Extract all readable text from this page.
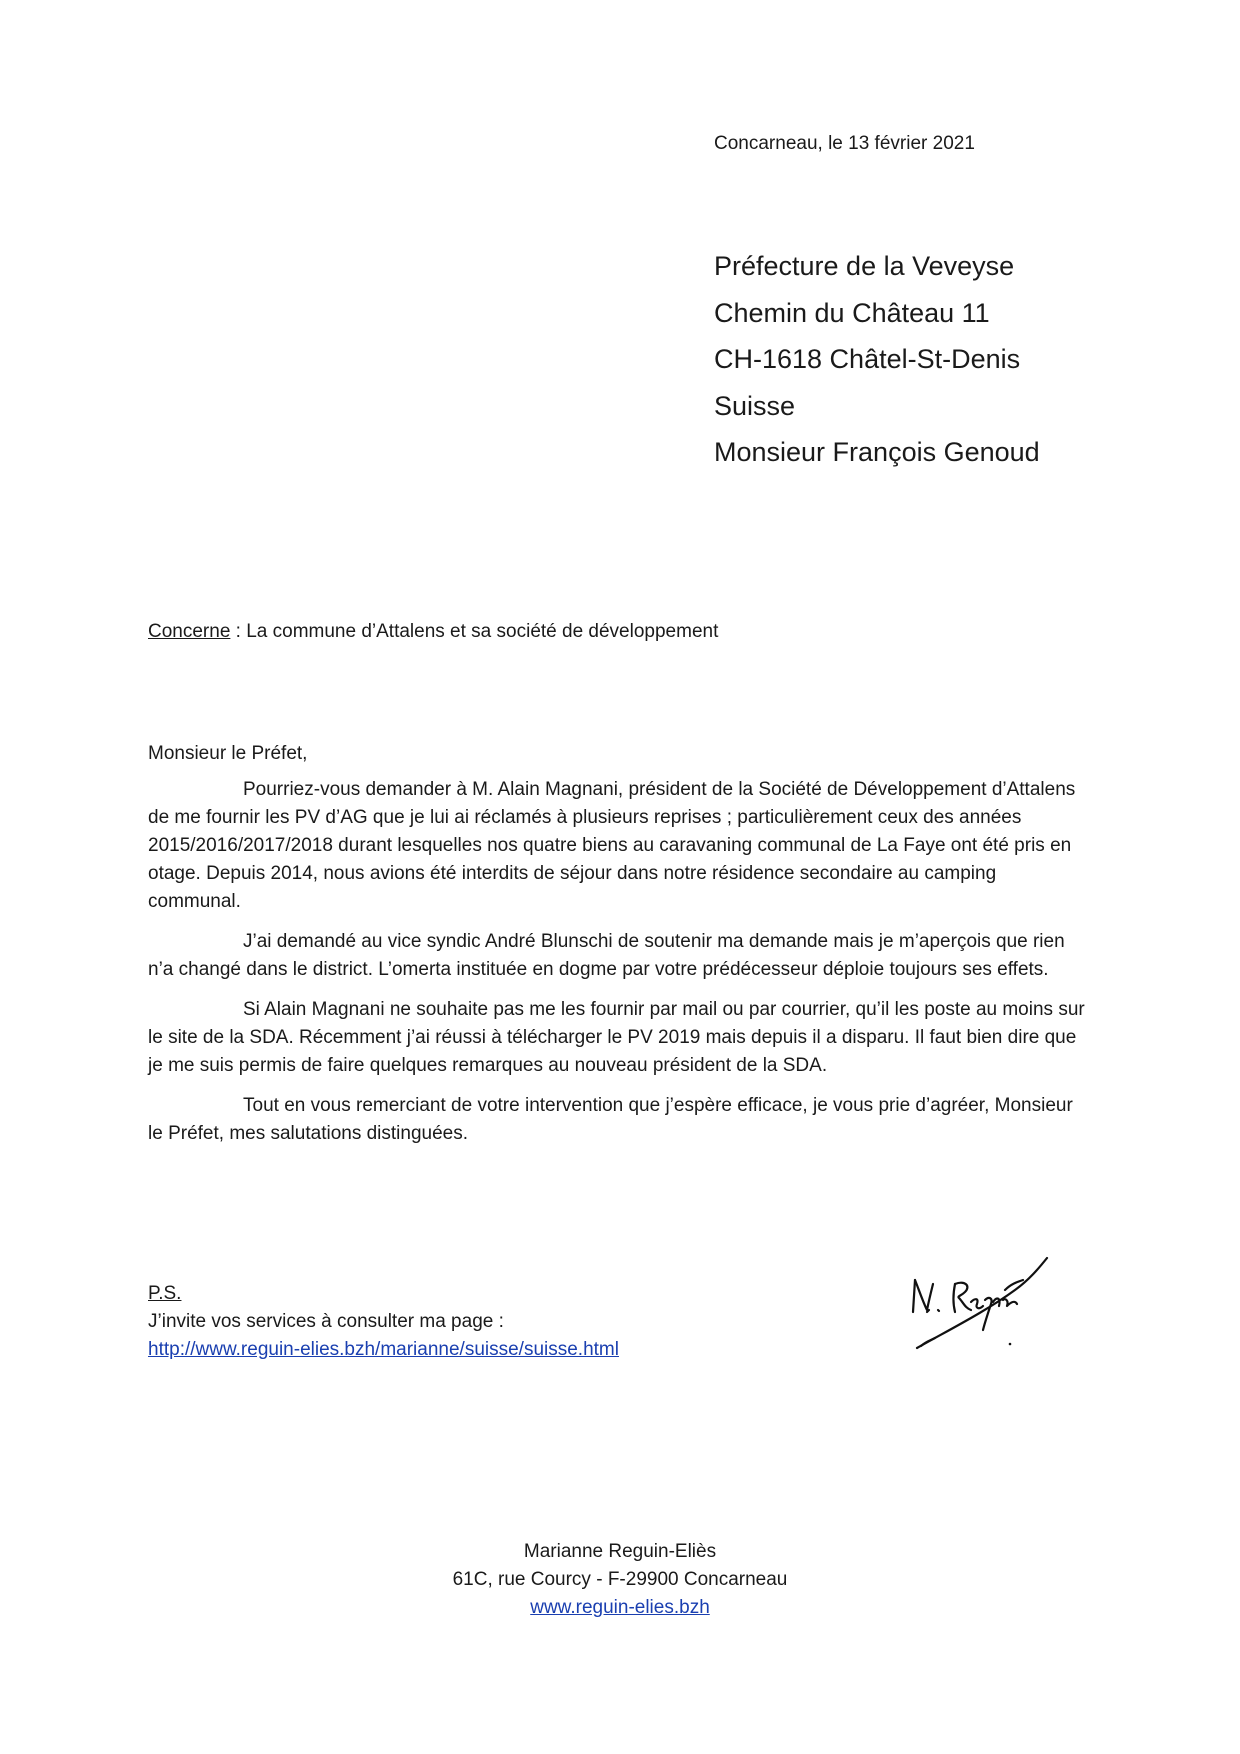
Concarneau, le 13 février 2021
Préfecture de la Veveyse
Chemin du Château 11
CH-1618 Châtel-St-Denis
Suisse
Monsieur François Genoud
Concerne : La commune d’Attalens et sa société de développement

Monsieur le Préfet,

Pourriez-vous demander à M. Alain Magnani, président de la Société de Développement d’Attalens de me fournir les PV d’AG que je lui ai réclamés à plusieurs reprises ; particulièrement ceux des années 2015/2016/2017/2018 durant lesquelles nos quatre biens au caravaning communal de La Faye ont été pris en otage. Depuis 2014, nous avions été interdits de séjour dans notre résidence secondaire au camping communal.

J’ai demandé au vice syndic André Blunschi de soutenir ma demande mais je m’aperçois que rien n’a changé dans le district. L’omerta instituée en dogme par votre prédécesseur déploie toujours ses effets.

Si Alain Magnani ne souhaite pas me les fournir par mail ou par courrier, qu’il les poste au moins sur le site de la SDA. Récemment j’ai réussi à télécharger le PV 2019 mais depuis il a disparu. Il faut bien dire que je me suis permis de faire quelques remarques au nouveau président de la SDA.

Tout en vous remerciant de votre intervention que j’espère efficace, je vous prie d’agréer, Monsieur le Préfet, mes salutations distinguées.

P.S.
J’invite vos services à consulter ma page :
http://www.reguin-elies.bzh/marianne/suisse/suisse.html
Marianne Reguin-Eliès
61C, rue Courcy - F-29900 Concarneau
www.reguin-elies.bzh
